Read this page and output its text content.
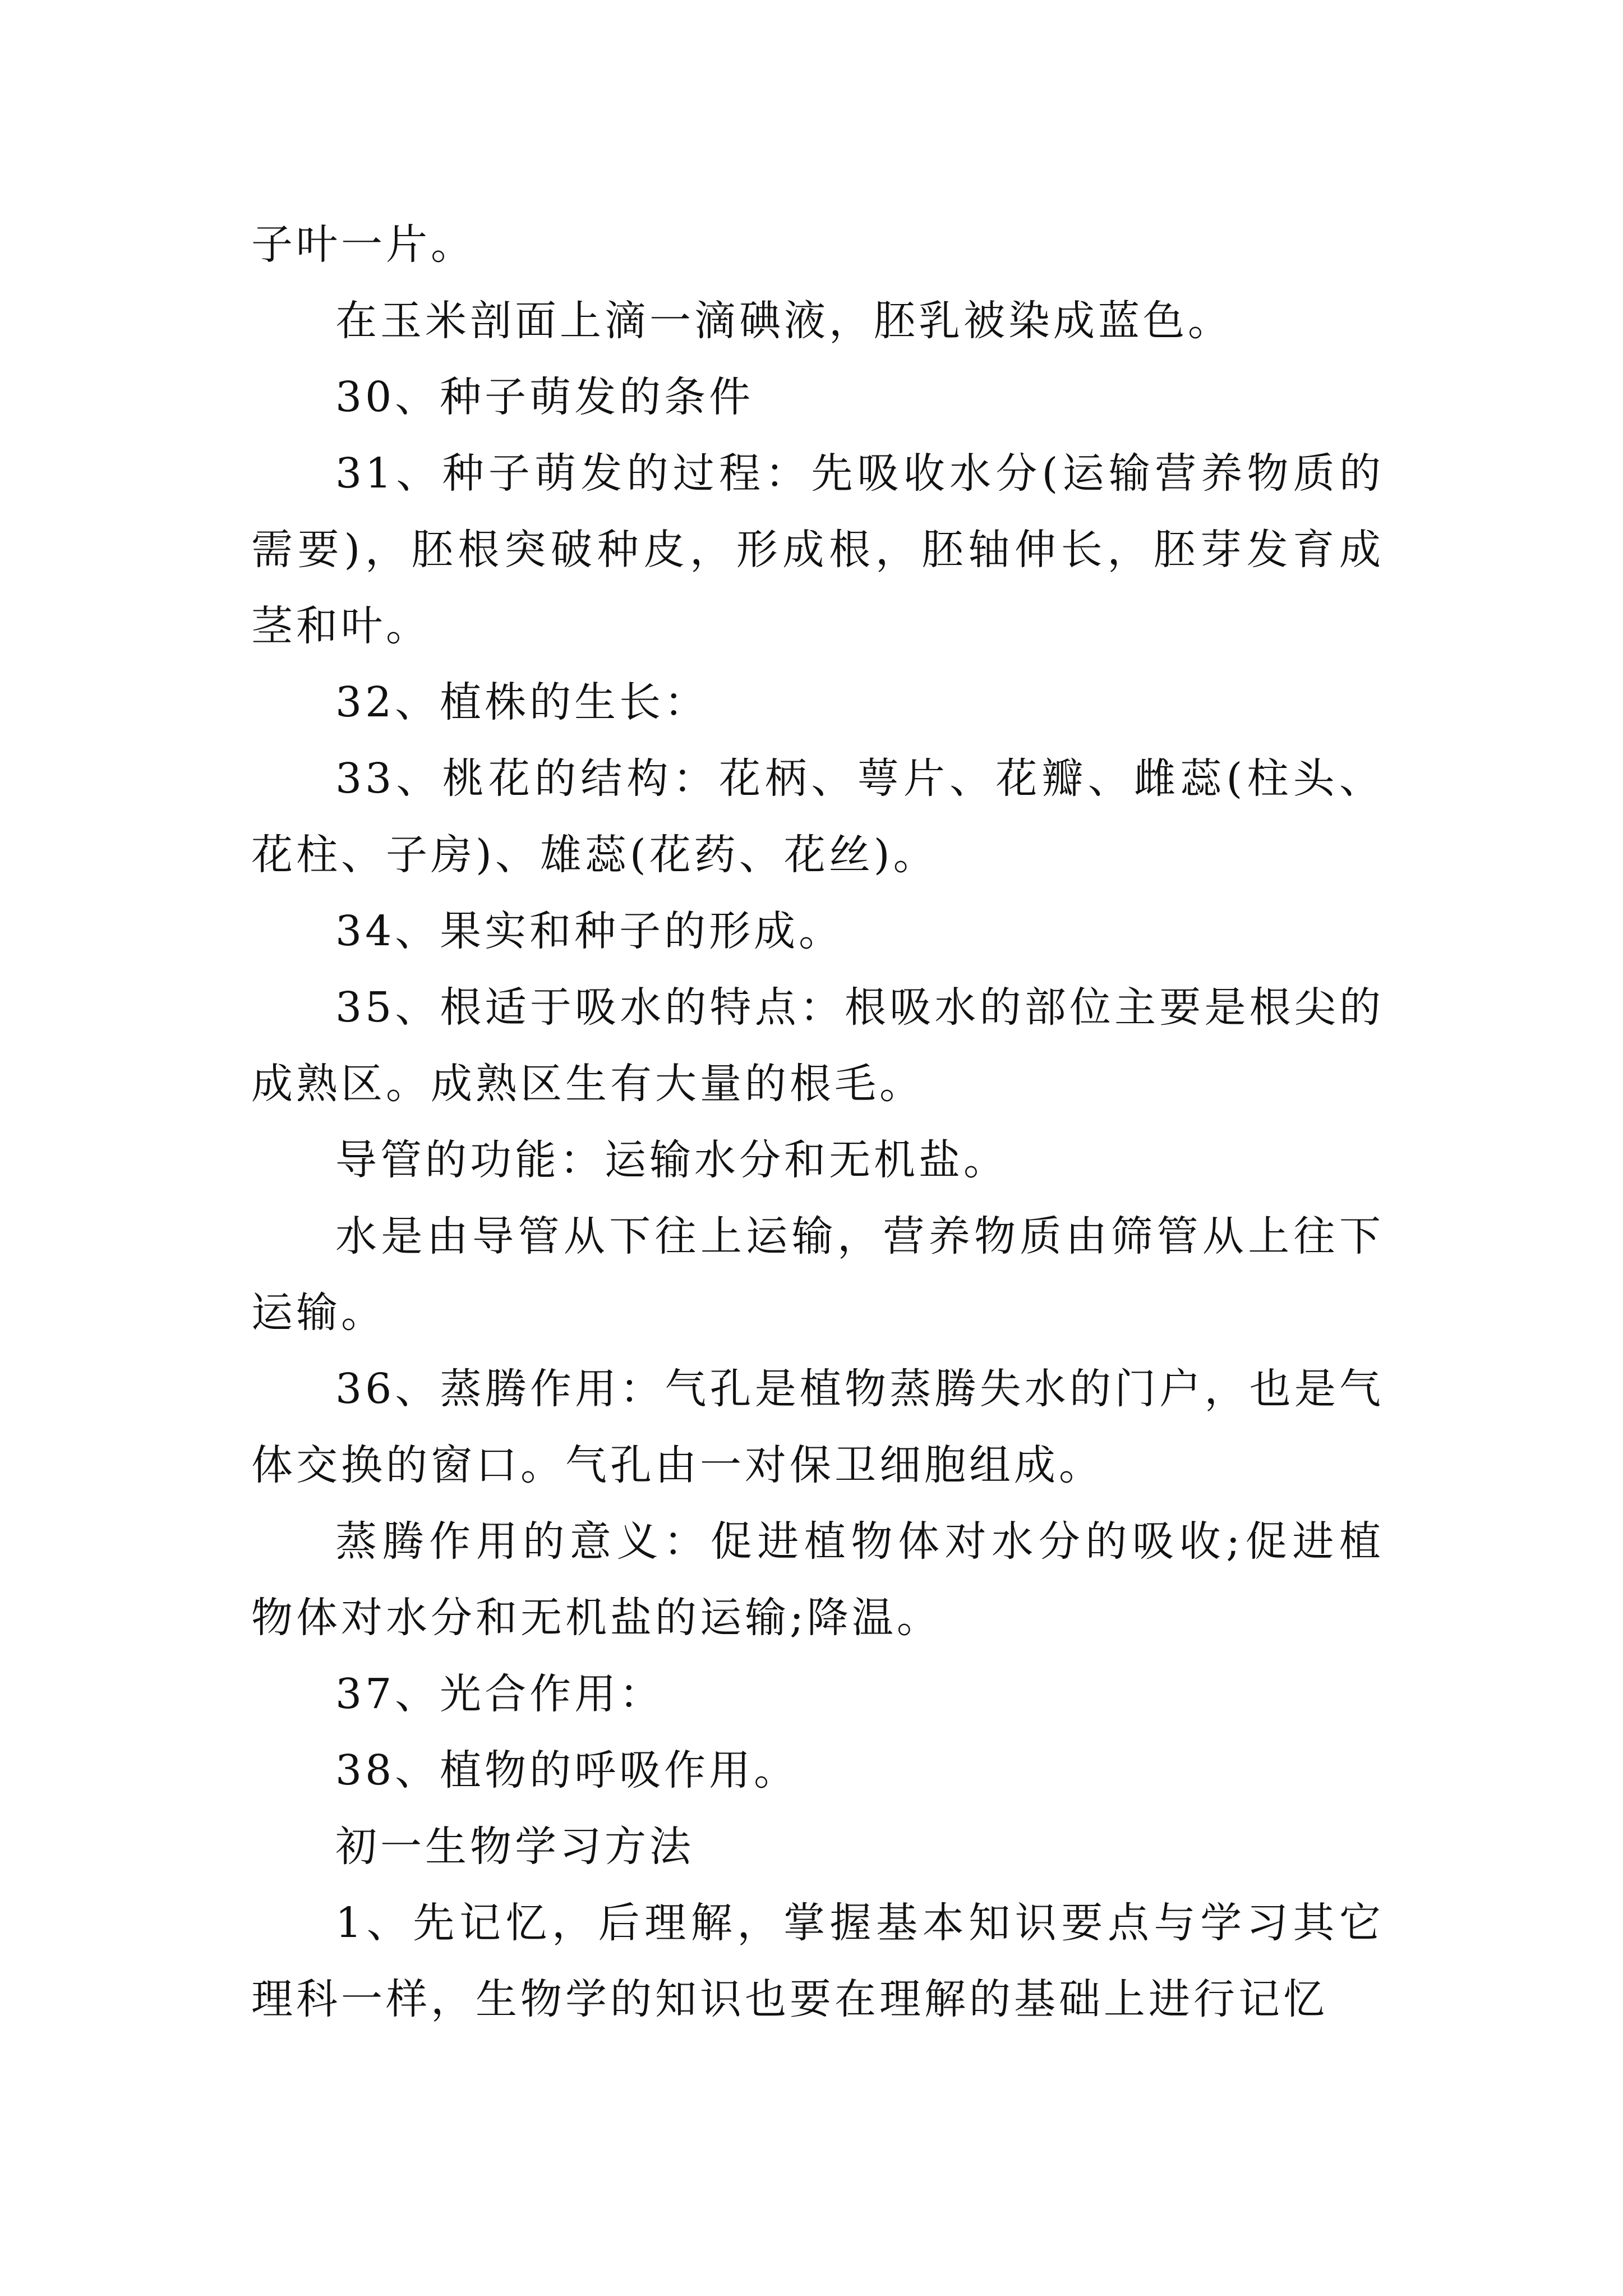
子叶一片。

在玉米剖面上滴一滴碘液，胚乳被染成蓝色。

30、种子萌发的条件

31、种子萌发的过程：先吸收水分(运输营养物质的需要)，胚根突破种皮，形成根，胚轴伸长，胚芽发育成茎和叶。

32、植株的生长：

33、桃花的结构：花柄、萼片、花瓣、雌蕊(柱头、花柱、子房)、雄蕊(花药、花丝)。

34、果实和种子的形成。

35、根适于吸水的特点：根吸水的部位主要是根尖的成熟区。成熟区生有大量的根毛。

导管的功能：运输水分和无机盐。

水是由导管从下往上运输，营养物质由筛管从上往下运输。

36、蒸腾作用：气孔是植物蒸腾失水的门户，也是气体交换的窗口。气孔由一对保卫细胞组成。

蒸腾作用的意义：促进植物体对水分的吸收;促进植物体对水分和无机盐的运输;降温。

37、光合作用：

38、植物的呼吸作用。

初一生物学习方法

1、先记忆，后理解，掌握基本知识要点与学习其它理科一样，生物学的知识也要在理解的基础上进行记忆
